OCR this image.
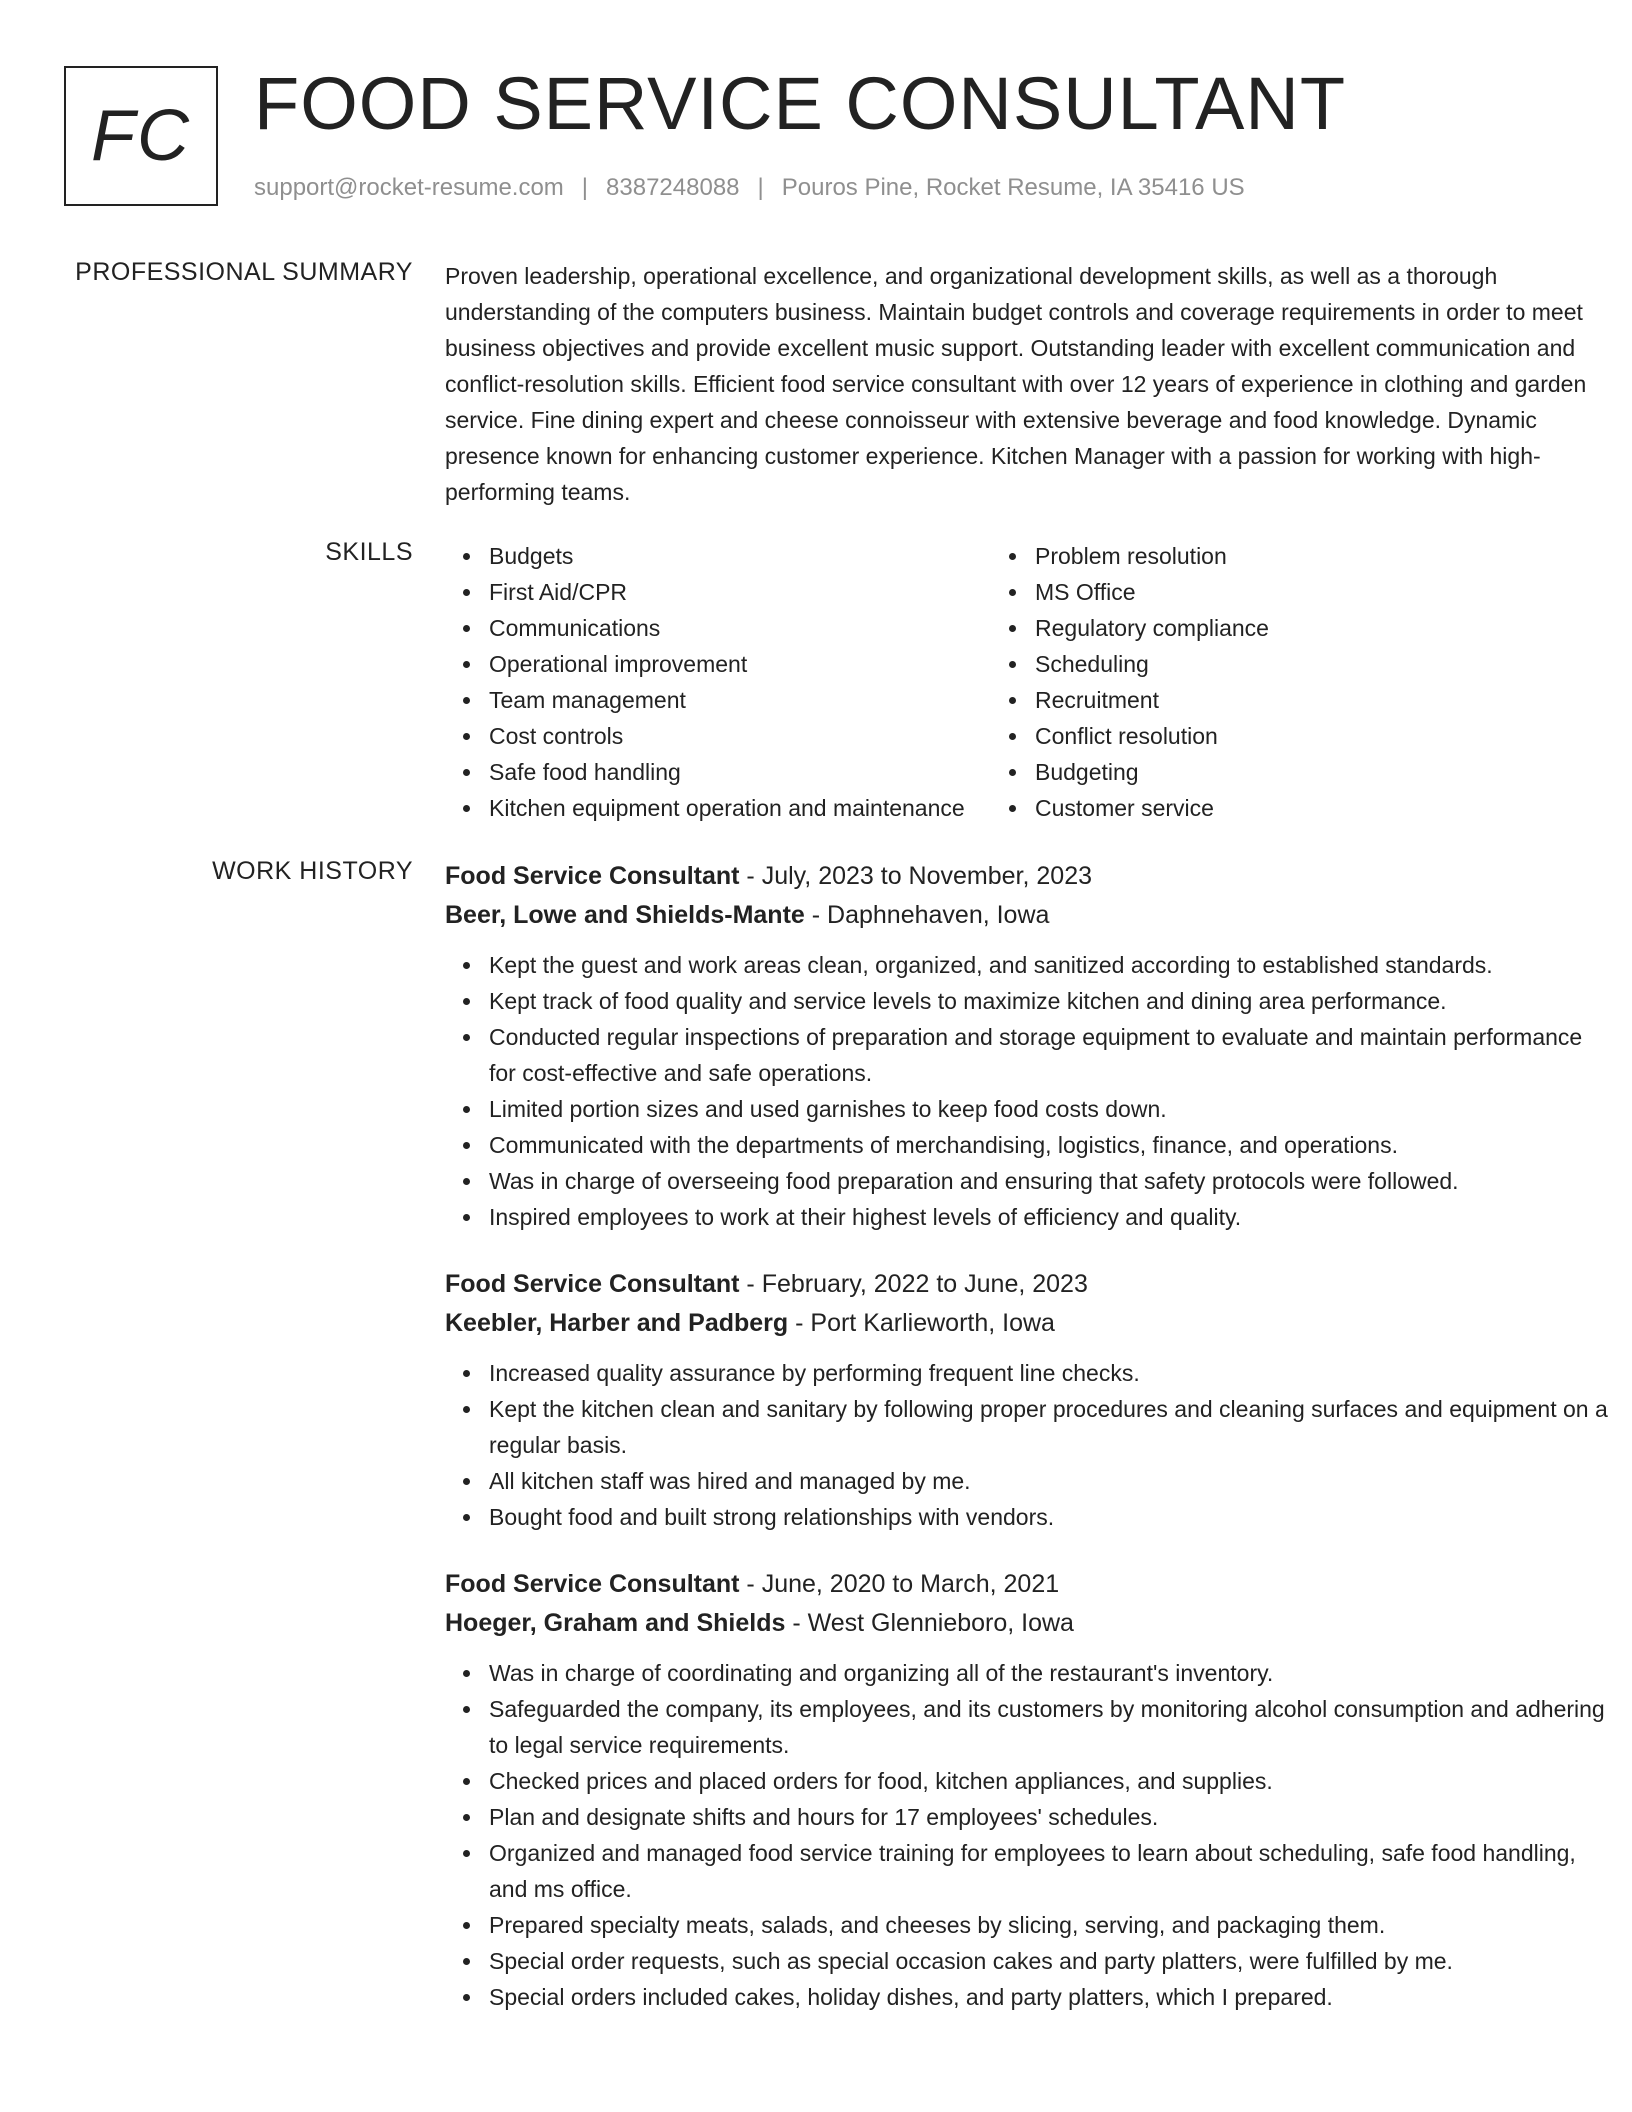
FC FOOD SERVICE CONSULTANT
support@rocket-resume.com | 8387248088 | Pouros Pine, Rocket Resume, IA 35416 US
PROFESSIONAL SUMMARY Proven leadership, operational excellence, and organizational development skills, as well as a thorough understanding of the computers business. Maintain budget controls and coverage requirements in order to meet business objectives and provide excellent music support. Outstanding leader with excellent communication and conflict-resolution skills. Efficient food service consultant with over 12 years of experience in clothing and garden service. Fine dining expert and cheese connoisseur with extensive beverage and food knowledge. Dynamic presence known for enhancing customer experience. Kitchen Manager with a passion for working with high-performing teams.

SKILLS	Budgets
First Aid/CPR
Communications
Operational improvement
Team management
Cost controls
Safe food handling
Kitchen equipment operation and maintenance
Problem resolution
MS Office
Regulatory compliance
Scheduling
Recruitment
Conflict resolution
Budgeting
Customer service
WORK HISTORY Food Service Consultant - July, 2023 to November, 2023
Beer, Lowe and Shields-Mante - Daphnehaven, Iowa
Kept the guest and work areas clean, organized, and sanitized according to established standards.
Kept track of food quality and service levels to maximize kitchen and dining area performance.
Conducted regular inspections of preparation and storage equipment to evaluate and maintain performance for cost-effective and safe operations.
Limited portion sizes and used garnishes to keep food costs down.
Communicated with the departments of merchandising, logistics, finance, and operations.
Was in charge of overseeing food preparation and ensuring that safety protocols were followed.
Inspired employees to work at their highest levels of efficiency and quality.
Food Service Consultant - February, 2022 to June, 2023
Keebler, Harber and Padberg - Port Karlieworth, Iowa
Increased quality assurance by performing frequent line checks.
Kept the kitchen clean and sanitary by following proper procedures and cleaning surfaces and equipment on a regular basis.
All kitchen staff was hired and managed by me.
Bought food and built strong relationships with vendors.
Food Service Consultant - June, 2020 to March, 2021
Hoeger, Graham and Shields - West Glennieboro, Iowa
Was in charge of coordinating and organizing all of the restaurant's inventory.
Safeguarded the company, its employees, and its customers by monitoring alcohol consumption and adhering to legal service requirements.
Checked prices and placed orders for food, kitchen appliances, and supplies.
Plan and designate shifts and hours for 17 employees' schedules.
Organized and managed food service training for employees to learn about scheduling, safe food handling, and ms office.
Prepared specialty meats, salads, and cheeses by slicing, serving, and packaging them.
Special order requests, such as special occasion cakes and party platters, were fulfilled by me.
Special orders included cakes, holiday dishes, and party platters, which I prepared.
